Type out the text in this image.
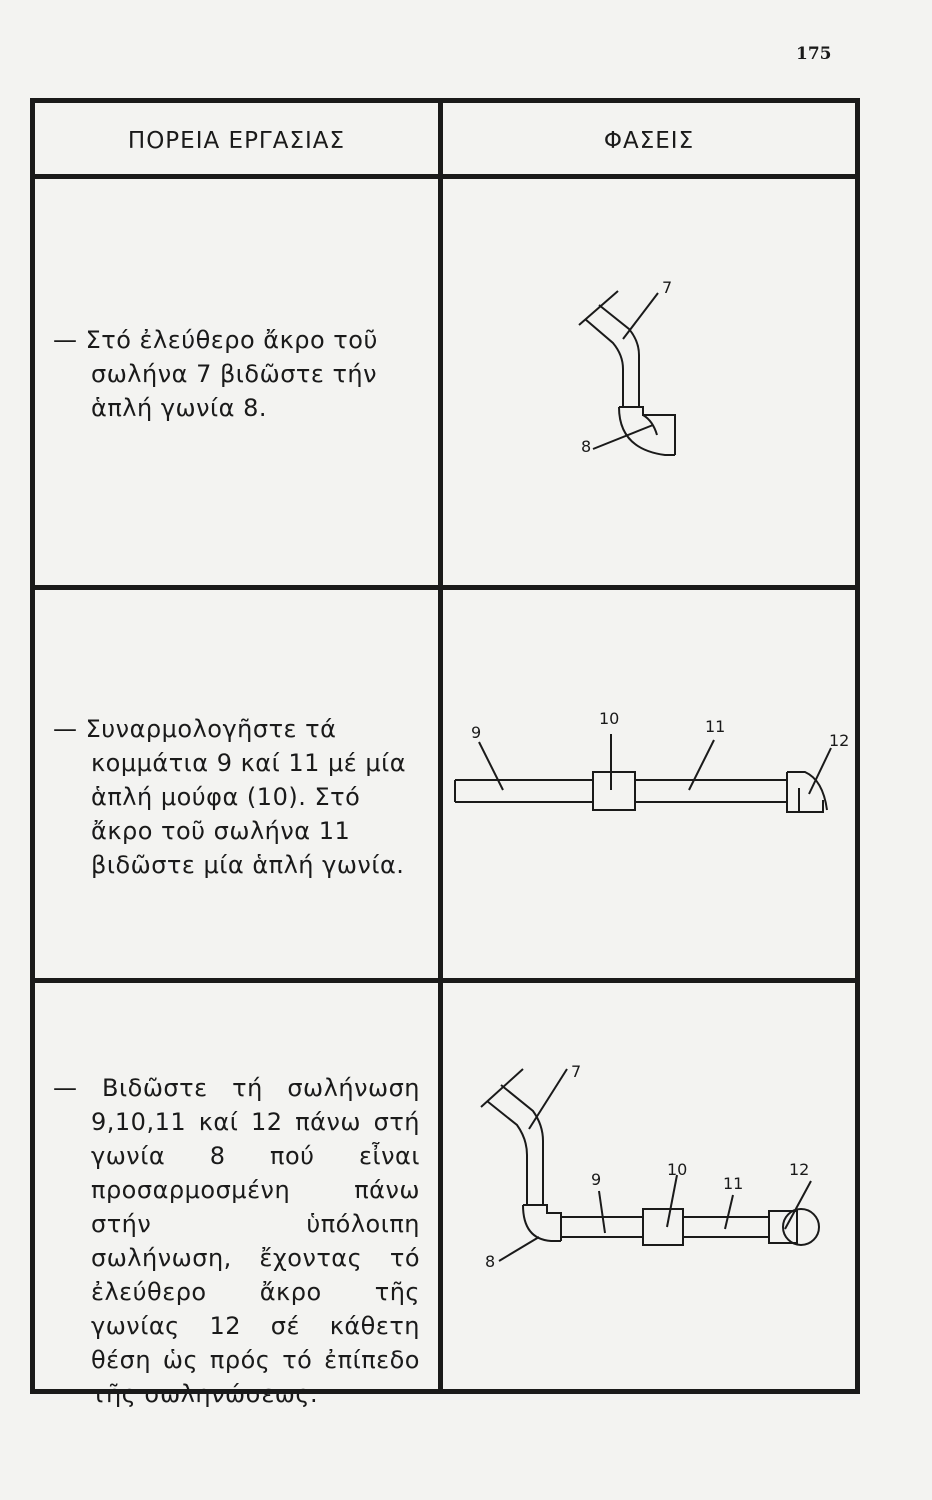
175
ΠΟΡΕΙΑ ΕΡΓΑΣΙΑΣ	ΦΑΣΕΙΣ
— Στό ἐλεύθερο ἄκρο τοῦ σωλήνα 7 βιδῶστε τήν ἁπλή γωνία 8.
7
8
— Συναρμολογῆστε τά κομμάτια 9 καί 11 μέ μία ἁπλή μούφα (10). Στό ἄκρο τοῦ σωλήνα 11 βιδῶστε μία ἁπλή γωνία.
9
10	11
12
— Βιδῶστε τή σωλήνωση 9,10,11 καί 12 πάνω στή γωνία 8 πού εἶναι προσαρμοσμένη πάνω στήν ὑπόλοιπη σωλήνωση, ἔχοντας τό ἐλεύθερο ἄκρο τῆς γωνίας 12 σέ κάθετη θέση ὡς πρός τό ἐπίπεδο τῆς σωληνώσεως.
7
9
10
11
12
8
